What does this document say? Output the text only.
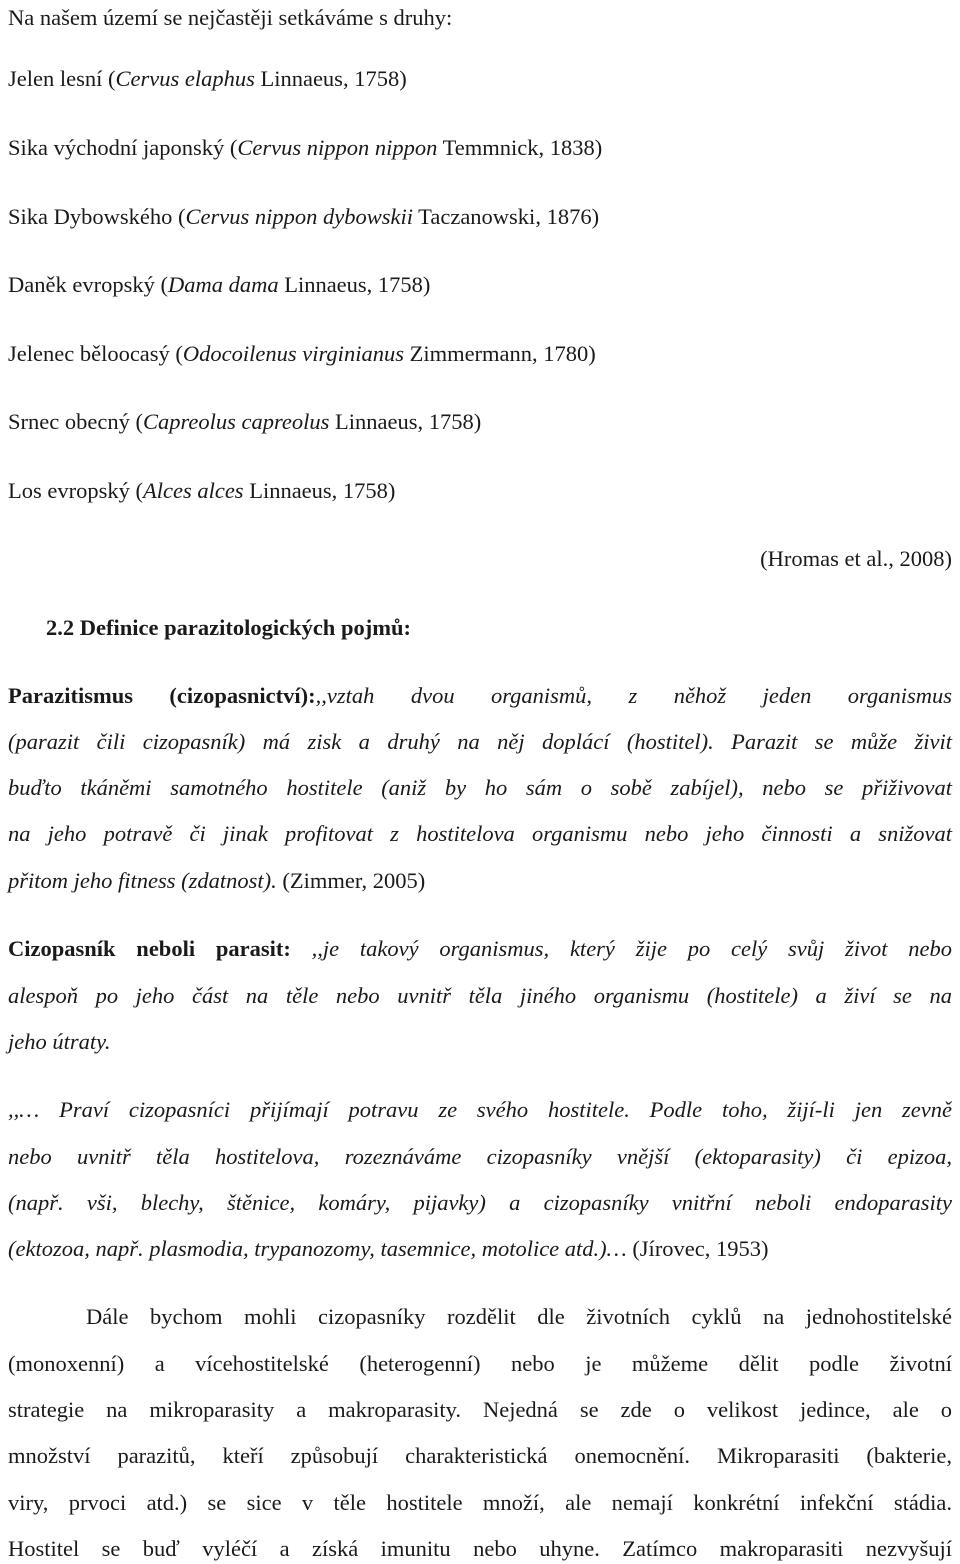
Na našem území se nejčastěji setkáváme s druhy:
Jelen lesní (Cervus elaphus Linnaeus, 1758)
Sika východní japonský (Cervus nippon nippon Temmnick, 1838)
Sika Dybowského (Cervus nippon dybowskii Taczanowski, 1876)
Daněk evropský (Dama dama Linnaeus, 1758)
Jelenec běloocasý (Odocoilenus virginianus Zimmermann, 1780)
Srnec obecný (Capreolus capreolus Linnaeus, 1758)
Los evropský (Alces alces Linnaeus, 1758)
(Hromas et al., 2008)
2.2 Definice parazitologických pojmů:
Parazitismus (cizopasnictví):,,vztah dvou organismů, z něhož jeden organismus
(parazit čili cizopasník) má zisk a druhý na něj doplácí (hostitel). Parazit se může živit
buďto tkáněmi samotného hostitele (aniž by ho sám o sobě zabíjel), nebo se přiživovat
na jeho potravě či jinak profitovat z hostitelova organismu nebo jeho činnosti a snižovat
přitom jeho fitness (zdatnost). (Zimmer, 2005)
Cizopasník neboli parasit: ,,je takový organismus, který žije po celý svůj život nebo
alespoň po jeho část na těle nebo uvnitř těla jiného organismu (hostitele) a živí se na
jeho útraty.
,,… Praví cizopasníci přijímají potravu ze svého hostitele. Podle toho, žijí-li jen zevně
nebo uvnitř těla hostitelova, rozeznáváme cizopasníky vnější (ektoparasity) či epizoa,
(např. vši, blechy, štěnice, komáry, pijavky) a cizopasníky vnitřní neboli endoparasity
(ektozoa, např. plasmodia, trypanozomy, tasemnice, motolice atd.)… (Jírovec, 1953)
Dále bychom mohli cizopasníky rozdělit dle životních cyklů na jednohostitelské
(monoxenní) a vícehostitelské (heterogenní) nebo je můžeme dělit podle životní
strategie na mikroparasity a makroparasity. Nejedná se zde o velikost jedince, ale o
množství parazitů, kteří způsobují charakteristická onemocnění. Mikroparasiti (bakterie,
viry, prvoci atd.) se sice v těle hostitele množí, ale nemají konkrétní infekční stádia.
Hostitel se buď vyléčí a získá imunitu nebo uhyne. Zatímco makroparasiti nezvyšují
